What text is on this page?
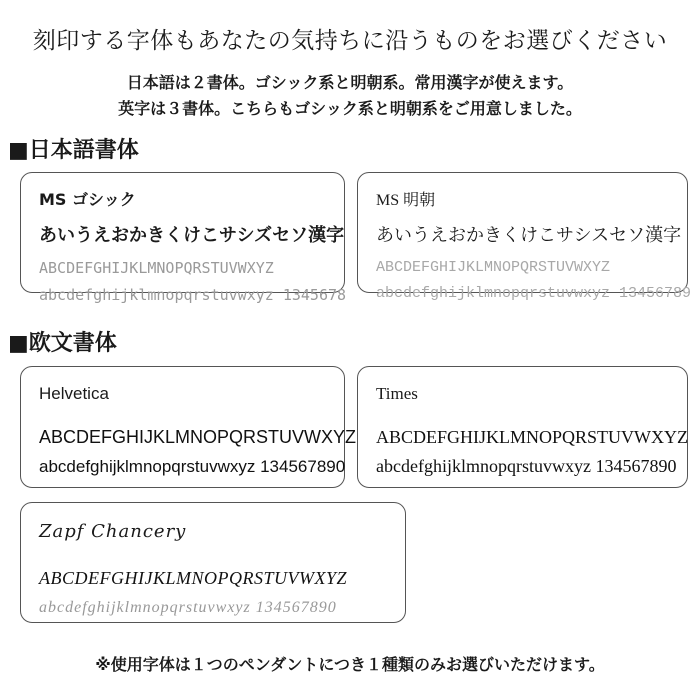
刻印する字体もあなたの気持ちに沿うものをお選びください
日本語は２書体。ゴシック系と明朝系。常用漢字が使えます。
英字は３書体。こちらもゴシック系と明朝系をご用意しました。
■日本語書体
MS ゴシック
あいうえおかきくけこサシズセソ漢字
ABCDEFGHIJKLMNOPQRSTUVWXYZ
abcdefghijklmnopqrstuvwxyz 1345678
MS 明朝
あいうえおかきくけこサシスセソ漢字
ABCDEFGHIJKLMNOPQRSTUVWXYZ
abcdefghijklmnopqrstuvwxyz 13456789
■欧文書体
Helvetica
ABCDEFGHIJKLMNOPQRSTUVWXYZ
abcdefghijklmnopqrstuvwxyz 134567890
Times
ABCDEFGHIJKLMNOPQRSTUVWXYZ
abcdefghijklmnopqrstuvwxyz 134567890
Zapf Chancery
ABCDEFGHIJKLMNOPQRSTUVWXYZ
abcdefghijklmnopqrstuvwxyz 134567890
※使用字体は１つのペンダントにつき１種類のみお選びいただけます。
